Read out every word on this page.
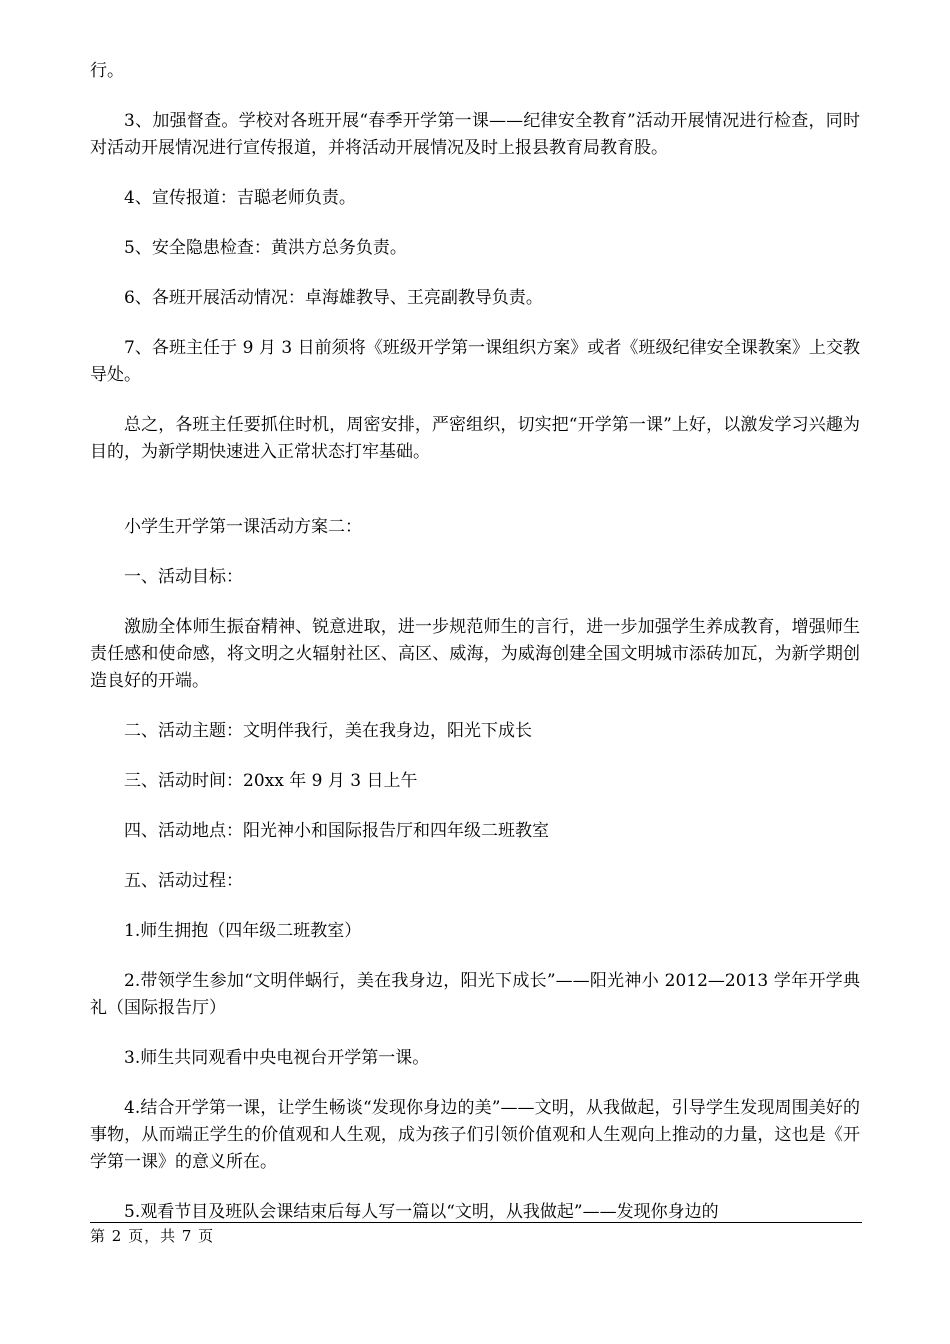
行。

3、加强督查。学校对各班开展“春季开学第一课——纪律安全教育”活动开展情况进行检查，同时对活动开展情况进行宣传报道，并将活动开展情况及时上报县教育局教育股。

4、宣传报道：吉聪老师负责。

5、安全隐患检查：黄洪方总务负责。

6、各班开展活动情况：卓海雄教导、王亮副教导负责。

7、各班主任于 9 月 3 日前须将《班级开学第一课组织方案》或者《班级纪律安全课教案》上交教导处。

总之，各班主任要抓住时机，周密安排，严密组织，切实把“开学第一课”上好，以激发学习兴趣为目的，为新学期快速进入正常状态打牢基础。

小学生开学第一课活动方案二：

一、活动目标：

激励全体师生振奋精神、锐意进取，进一步规范师生的言行，进一步加强学生养成教育，增强师生责任感和使命感，将文明之火辐射社区、高区、威海，为威海创建全国文明城市添砖加瓦，为新学期创造良好的开端。

二、活动主题：文明伴我行，美在我身边，阳光下成长

三、活动时间：20xx 年 9 月 3 日上午

四、活动地点：阳光神小和国际报告厅和四年级二班教室

五、活动过程：

1.师生拥抱（四年级二班教室）

2.带领学生参加“文明伴蜗行，美在我身边，阳光下成长”——阳光神小 2012—2013 学年开学典礼（国际报告厅）

3.师生共同观看中央电视台开学第一课。

4.结合开学第一课，让学生畅谈“发现你身边的美”——文明，从我做起，引导学生发现周围美好的事物，从而端正学生的价值观和人生观，成为孩子们引领价值观和人生观向上推动的力量，这也是《开学第一课》的意义所在。

5.观看节目及班队会课结束后每人写一篇以“文明，从我做起”——发现你身边的

第 2 页，共 7 页
